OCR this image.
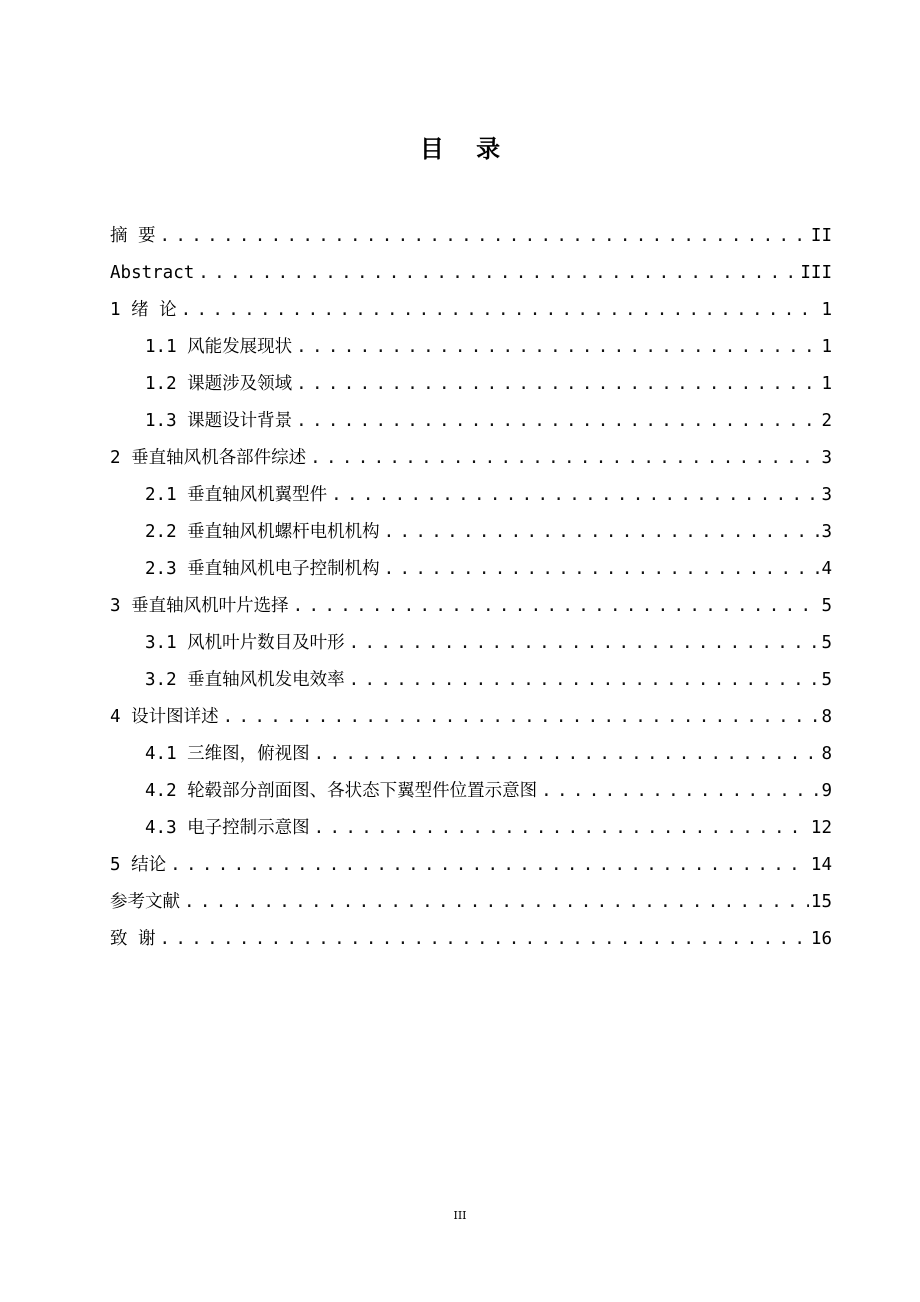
目 录
摘 要 . . .	II
Abstract . . .	III
1 绪 论 . . .	1
1.1 风能发展现状 . . .	1
1.2 课题涉及领域 . . .	1
1.3 课题设计背景 . . .	2
2 垂直轴风机各部件综述 . . .	3
2.1 垂直轴风机翼型件 . . .	3
2.2 垂直轴风机螺杆电机机构 . . .	3
2.3 垂直轴风机电子控制机构 . . .	4
3 垂直轴风机叶片选择 . . .	5
3.1 风机叶片数目及叶形 . . .	5
3.2 垂直轴风机发电效率 . . .	5
4 设计图详述 . . .	8
4.1 三维图，俯视图 . . .	8
4.2 轮毂部分剖面图、各状态下翼型件位置示意图 . . .	9
4.3 电子控制示意图 . . .	12
5 结论 . . .	14
参考文献 . . .	15
致 谢 . . .	16
III
